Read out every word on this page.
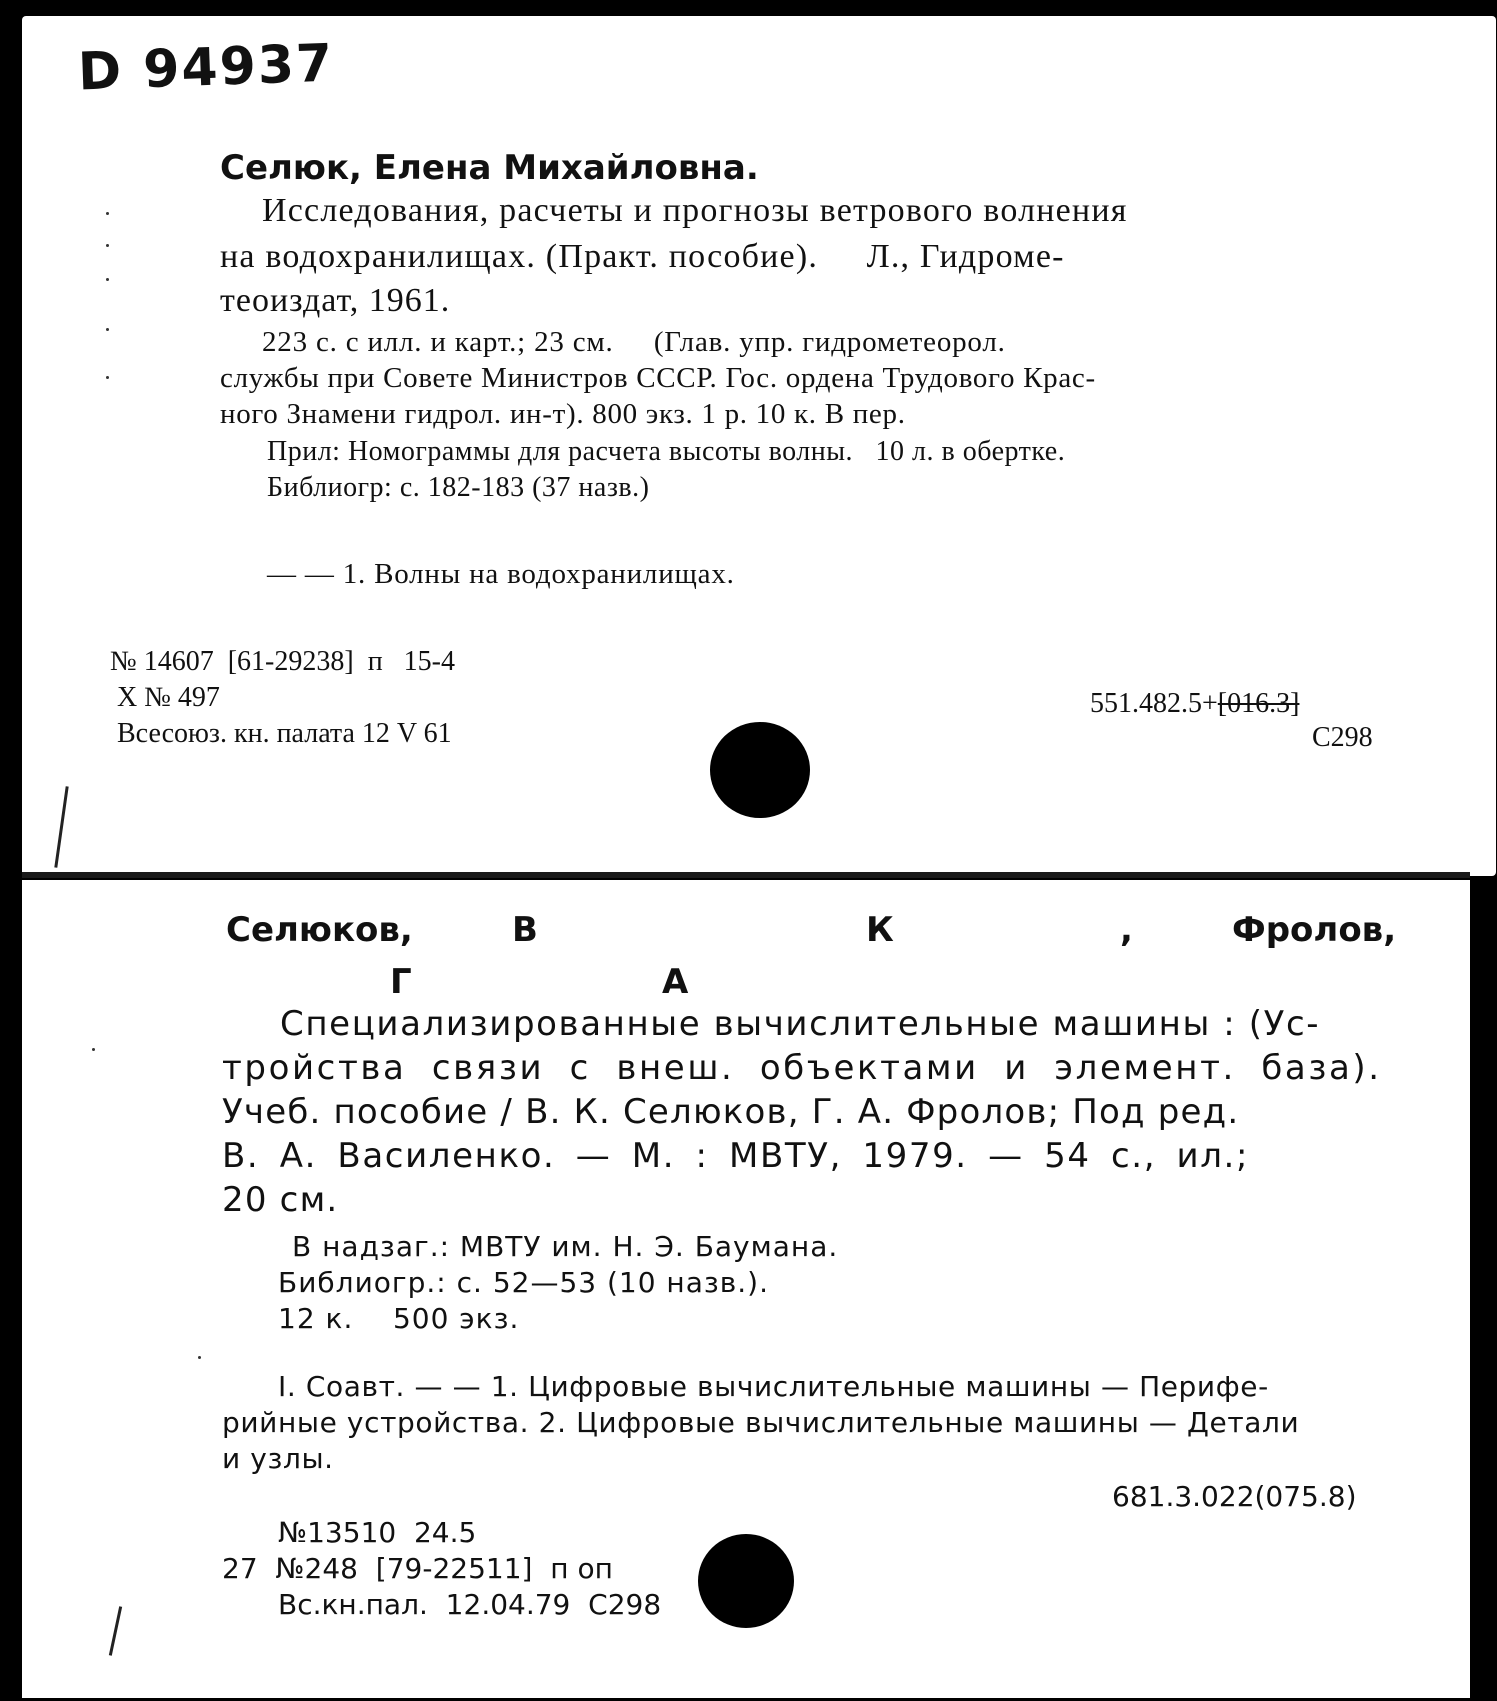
D 94937
Селюк, Елена Михайловна.
Исследования, расчеты и прогнозы ветрового волнения
на водохранилищах. (Практ. пособие).     Л., Гидроме-
теоиздат, 1961.
223 с. с илл. и карт.; 23 см.     (Глав. упр. гидрометеорол.
службы при Совете Министров СССР. Гос. ордена Трудового Крас-
ного Знамени гидрол. ин-т). 800 экз. 1 р. 10 к. В пер.
Прил: Номограммы для расчета высоты волны.   10 л. в обертке.
Библиогр: с. 182-183 (37 назв.)
— — 1. Волны на водохранилищах.
№ 14607  [61-29238]  п   15-4
Х № 497
Всесоюз. кн. палата 12 V 61
551.482.5+[016.3]
С298
Селюков,	В	К	,	Фролов,
Г	А
Специализированные вычислительные машины : (Ус-
тройства связи с внеш. объектами и элемент. база).
Учеб. пособие / В. К. Селюков, Г. А. Фролов; Под ред.
В. А. Василенко. — М. : МВТУ, 1979. — 54 с., ил.;
20 см.
В надзаг.: МВТУ им. Н. Э. Баумана.
Библиогр.: с. 52—53 (10 назв.).
12 к.    500 экз.
I. Соавт. — — 1. Цифровые вычислительные машины — Перифе-
рийные устройства. 2. Цифровые вычислительные машины — Детали
и узлы.
681.3.022(075.8)
№13510  24.5
27  №248  [79-22511]  п оп
Вс.кн.пал.  12.04.79  С298
